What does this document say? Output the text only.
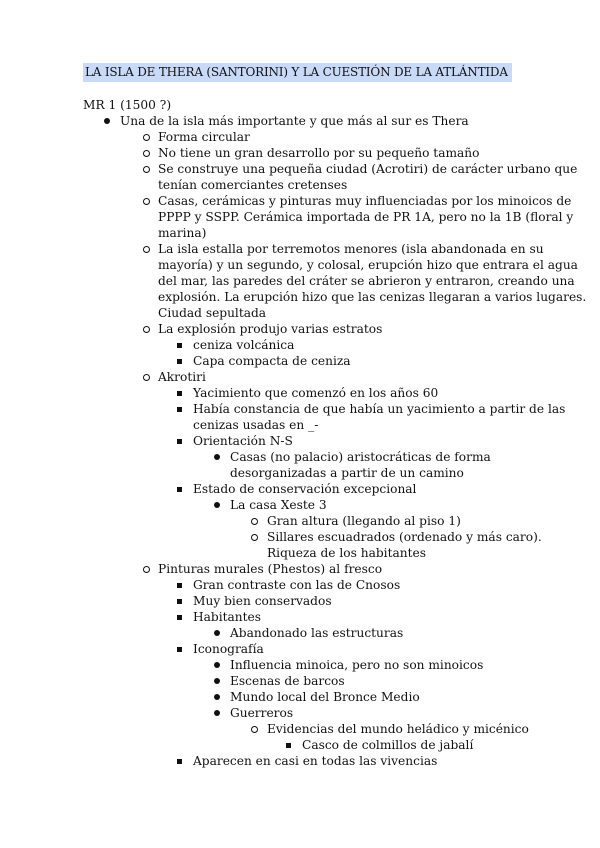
LA ISLA DE THERA (SANTORINI) Y LA CUESTIÓN DE LA ATLÁNTIDA
MR 1 (1500 ?)
Una de la isla más importante y que más al sur es Thera
Forma circular
No tiene un gran desarrollo por su pequeño tamaño
Se construye una pequeña ciudad (Acrotiri) de carácter urbano que
tenían comerciantes cretenses
Casas, cerámicas y pinturas muy influenciadas por los minoicos de
PPPP y SSPP. Cerámica importada de PR 1A, pero no la 1B (floral y
marina)
La isla estalla por terremotos menores (isla abandonada en su
mayoría) y un segundo, y colosal, erupción hizo que entrara el agua
del mar, las paredes del cráter se abrieron y entraron, creando una
explosión. La erupción hizo que las cenizas llegaran a varios lugares.
Ciudad sepultada
La explosión produjo varias estratos
ceniza volcánica
Capa compacta de ceniza
Akrotiri
Yacimiento que comenzó en los años 60
Había constancia de que había un yacimiento a partir de las
cenizas usadas en _-
Orientación N-S
Casas (no palacio) aristocráticas de forma
desorganizadas a partir de un camino
Estado de conservación excepcional
La casa Xeste 3
Gran altura (llegando al piso 1)
Sillares escuadrados (ordenado y más caro).
Riqueza de los habitantes
Pinturas murales (Phestos) al fresco
Gran contraste con las de Cnosos
Muy bien conservados
Habitantes
Abandonado las estructuras
Iconografía
Influencia minoica, pero no son minoicos
Escenas de barcos
Mundo local del Bronce Medio
Guerreros
Evidencias del mundo heládico y micénico
Casco de colmillos de jabalí
Aparecen en casi en todas las vivencias
